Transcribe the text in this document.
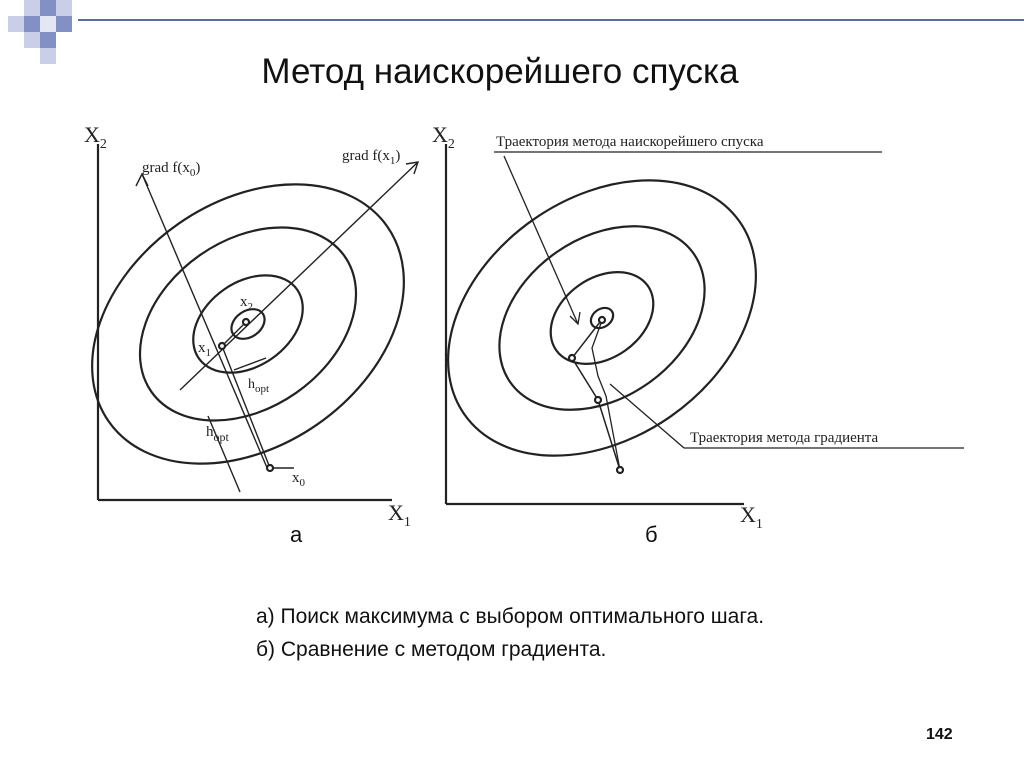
Метод наискорейшего спуска
$X_2$
$X_1$
grad $f(x_0)$
grad $f(x_1)$
$x_2$
$x_1$
$h_{opt}$
$h_{opt}$
$x_0$
$X_2$
$X_1$
Траектория метода наискорейшего спуска
Траектория метода градиента
а	б
а) Поиск максимума с выбором оптимального шага.
б) Сравнение с методом градиента.
142
